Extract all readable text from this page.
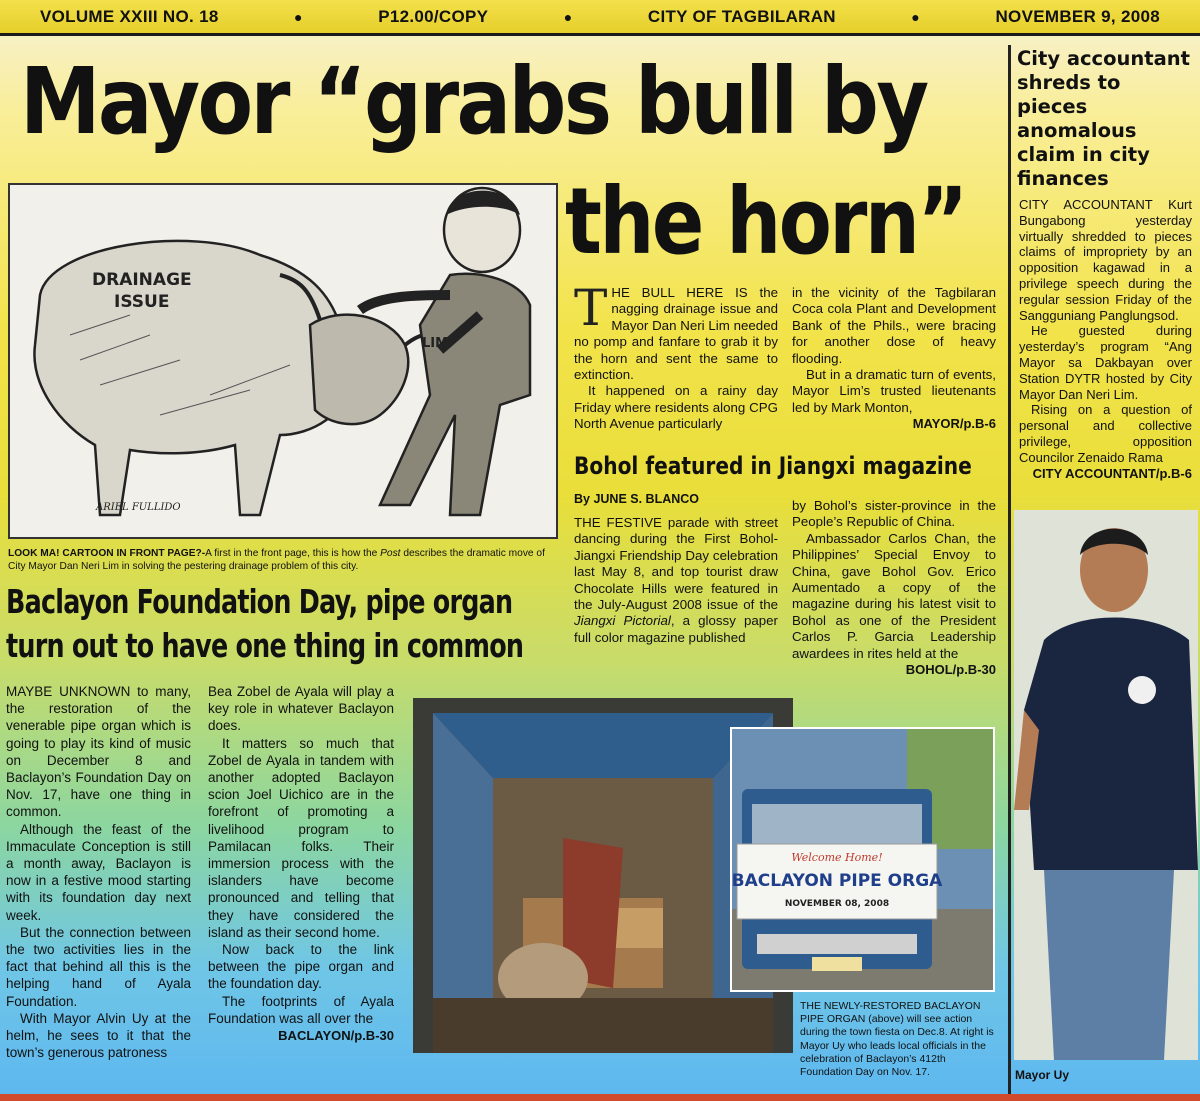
VOLUME XXIII NO. 18	●	P12.00/COPY	●	CITY OF TAGBILARAN	●	NOVEMBER 9, 2008
Mayor “grabs bull by
the horn”
DRAINAGE
ISSUE
LIM
ARIEL FULLIDO
LOOK MA! CARTOON IN FRONT PAGE?-A first in the front page, this is how the Post describes the dramatic move of City Mayor Dan Neri Lim in solving the pestering drainage problem of this city.

THE BULL HERE IS the nagging drainage issue and Mayor Dan Neri Lim needed no pomp and fanfare to grab it by the horn and sent the same to extinction.

It happened on a rainy day Friday where residents along CPG North Avenue particularly

in the vicinity of the Tagbilaran Coca cola Plant and Development Bank of the Phils., were bracing for another dose of heavy flooding.

But in a dramatic turn of events, Mayor Lim’s trusted lieutenants led by Mark Monton,

MAYOR/p.B-6
Bohol featured in Jiangxi magazine
By JUNE S. BLANCO

THE FESTIVE parade with street dancing during the First Bohol-Jiangxi Friendship Day celebration last May 8, and top tourist draw Chocolate Hills were featured in the July-August 2008 issue of the Jiangxi Pictorial, a glossy paper full color magazine published

by Bohol’s sister-province in the People’s Republic of China.

Ambassador Carlos Chan, the Philippines’ Special Envoy to China, gave Bohol Gov. Erico Aumentado a copy of the magazine during his latest visit to Bohol as one of the President Carlos P. Garcia Leadership awardees in rites held at the

BOHOL/p.B-30
City accountant shreds to pieces anomalous claim in city finances

CITY ACCOUNTANT Kurt Bungabong yesterday virtually shredded to pieces claims of impropriety by an opposition kagawad in a privilege speech during the regular session Friday of the Sangguniang Panglungsod.

He guested during yesterday’s program “Ang Mayor sa Dakbayan over Station DYTR hosted by City Mayor Dan Neri Lim.

Rising on a question of personal and collective privilege, opposition Councilor Zenaido Rama

CITY ACCOUNTANT/p.B-6
Mayor Uy
Baclayon Foundation Day, pipe organ
turn out to have one thing in common

MAYBE UNKNOWN to many, the restoration of the venerable pipe organ which is going to play its kind of music on December 8 and Baclayon’s Foundation Day on Nov. 17, have one thing in common.

Although the feast of the Immaculate Conception is still a month away, Baclayon is now in a festive mood starting with its foundation day next week.

But the connection between the two activities lies in the fact that behind all this is the helping hand of Ayala Foundation.

With Mayor Alvin Uy at the helm, he sees to it that the town’s generous patroness

Bea Zobel de Ayala will play a key role in whatever Baclayon does.

It matters so much that Zobel de Ayala in tandem with another adopted Baclayon scion Joel Uichico are in the forefront of promoting a livelihood program to Pamilacan folks. Their immersion process with the islanders have become pronounced and telling that they have considered the island as their second home.

Now back to the link between the pipe organ and the foundation day.

The footprints of Ayala Foundation was all over the

BACLAYON/p.B-30
Welcome Home!
BACLAYON PIPE ORGA
NOVEMBER 08, 2008
THE NEWLY-RESTORED BACLAYON PIPE ORGAN (above) will see action during the town fiesta on Dec.8. At right is Mayor Uy who leads local officials in the celebration of Baclayon’s 412th Foundation Day on Nov. 17.
